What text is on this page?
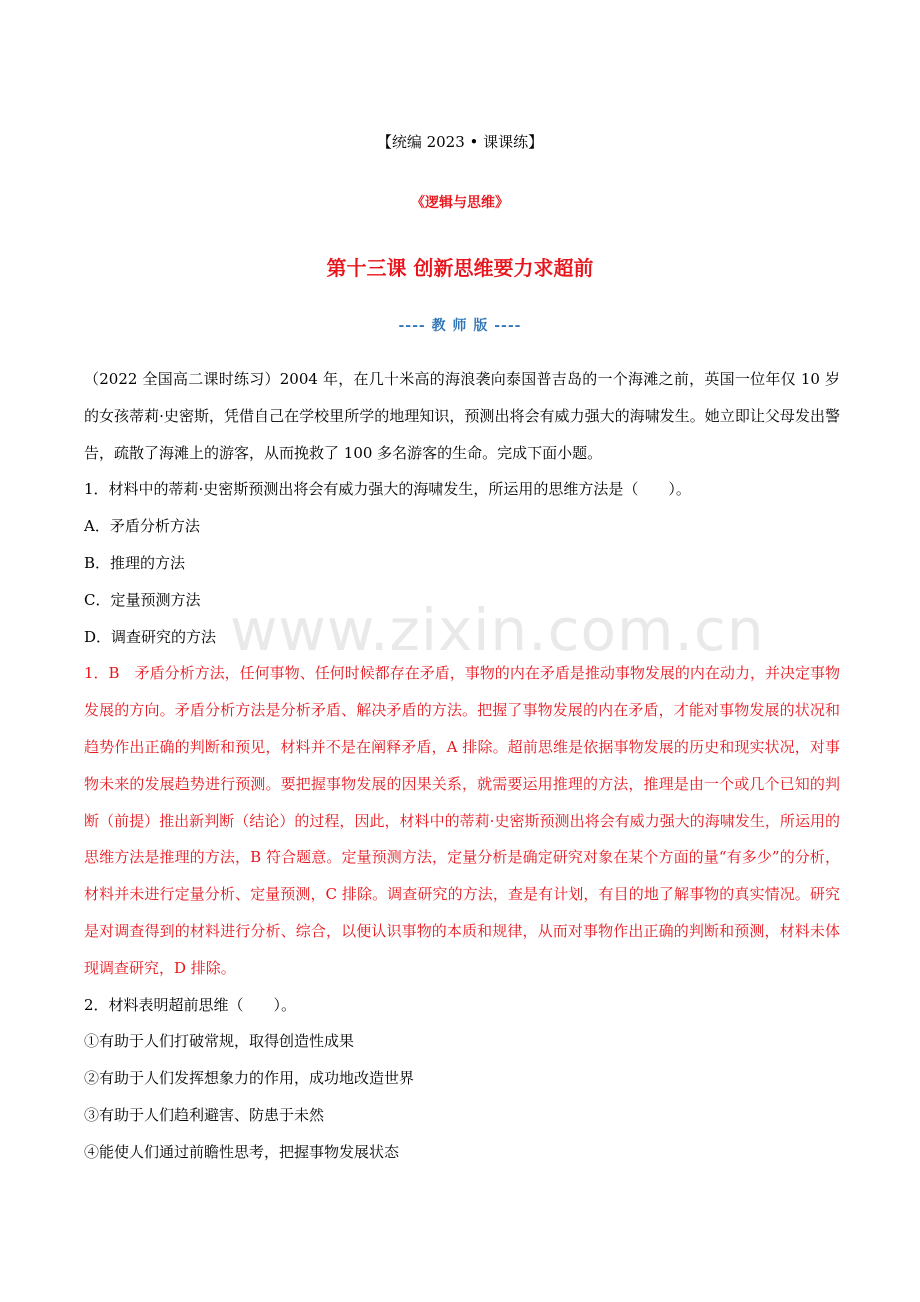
【统编 2023 • 课课练】
《逻辑与思维》
第十三课 创新思维要力求超前
---- 教 师 版 ----

（2022 全国高二课时练习）2004 年，在几十米高的海浪袭向泰国普吉岛的一个海滩之前，英国一位年仅 10 岁的女孩蒂莉·史密斯，凭借自己在学校里所学的地理知识，预测出将会有威力强大的海啸发生。她立即让父母发出警告，疏散了海滩上的游客，从而挽救了 100 多名游客的生命。完成下面小题。

1．材料中的蒂莉·史密斯预测出将会有威力强大的海啸发生，所运用的思维方法是（　　）。

A．矛盾分析方法

B．推理的方法

C．定量预测方法

D．调查研究的方法

1．B　矛盾分析方法，任何事物、任何时候都存在矛盾，事物的内在矛盾是推动事物发展的内在动力，并决定事物发展的方向。矛盾分析方法是分析矛盾、解决矛盾的方法。把握了事物发展的内在矛盾，才能对事物发展的状况和趋势作出正确的判断和预见，材料并不是在阐释矛盾，A 排除。超前思维是依据事物发展的历史和现实状况，对事物未来的发展趋势进行预测。要把握事物发展的因果关系，就需要运用推理的方法，推理是由一个或几个已知的判断（前提）推出新判断（结论）的过程，因此，材料中的蒂莉·史密斯预测出将会有威力强大的海啸发生，所运用的思维方法是推理的方法，B 符合题意。定量预测方法，定量分析是确定研究对象在某个方面的量“有多少”的分析，材料并未进行定量分析、定量预测，C 排除。调查研究的方法，查是有计划，有目的地了解事物的真实情况。研究是对调查得到的材料进行分析、综合，以便认识事物的本质和规律，从而对事物作出正确的判断和预测，材料未体现调查研究，D 排除。

2．材料表明超前思维（　　）。

①有助于人们打破常规，取得创造性成果

②有助于人们发挥想象力的作用，成功地改造世界

③有助于人们趋利避害、防患于未然

④能使人们通过前瞻性思考，把握事物发展状态

www.zixin.com.cn
